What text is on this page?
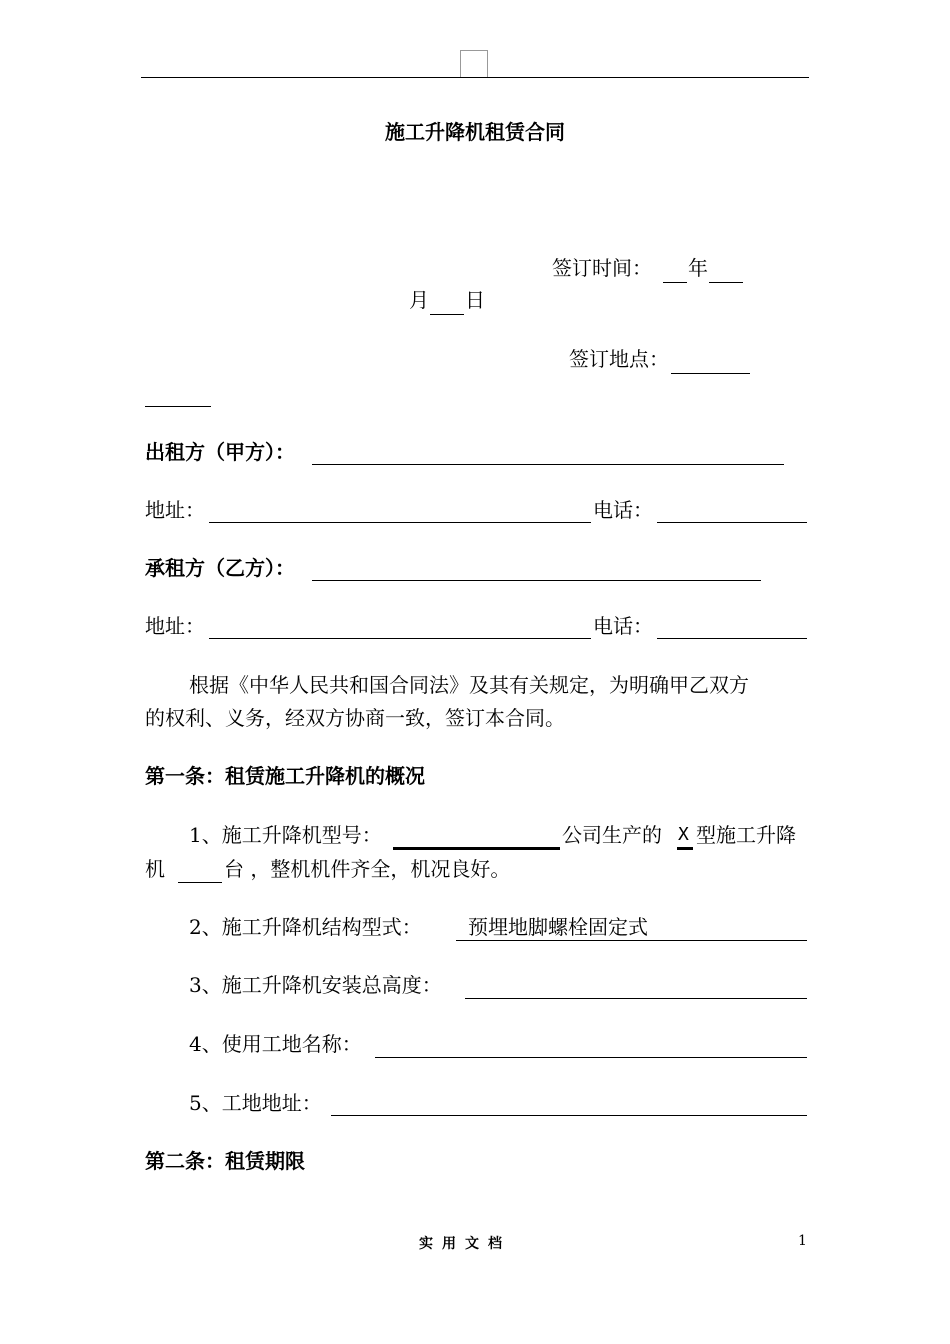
施工升降机租赁合同
签订时间： 年
月 日
签订地点：
出租方（甲方）：
地址：	电话：
承租方（乙方）：
地址：	电话：
根据《中华人民共和国合同法》及其有关规定，为明确甲乙双方
的权利、义务，经双方协商一致，签订本合同。
第一条：租赁施工升降机的概况
1、施工升降机型号：	公司生产的 X 型施工升降
机	台 ，整机机件齐全，机况良好。
2、施工升降机结构型式： 预埋地脚螺栓固定式
3、施工升降机安装总高度：
4、使用工地名称：
5、工地地址：
第二条：租赁期限
实用文档	1
